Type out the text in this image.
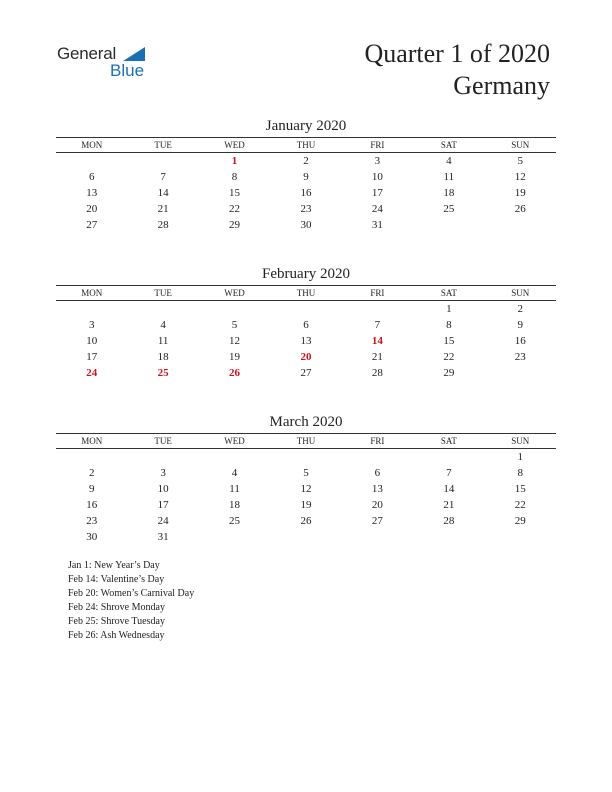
General
Blue
Quarter 1 of 2020
Germany
January 2020
MON	TUE	WED	THU	FRI	SAT	SUN
		1	2	3	4	5
6	7	8	9	10	11	12
13	14	15	16	17	18	19
20	21	22	23	24	25	26
27	28	29	30	31		
February 2020
MON	TUE	WED	THU	FRI	SAT	SUN
					1	2
3	4	5	6	7	8	9
10	11	12	13	14	15	16
17	18	19	20	21	22	23
24	25	26	27	28	29	
March 2020
MON	TUE	WED	THU	FRI	SAT	SUN
						1
2	3	4	5	6	7	8
9	10	11	12	13	14	15
16	17	18	19	20	21	22
23	24	25	26	27	28	29
30	31					
Jan 1: New Year’s Day
Feb 14: Valentine’s Day
Feb 20: Women’s Carnival Day
Feb 24: Shrove Monday
Feb 25: Shrove Tuesday
Feb 26: Ash Wednesday
